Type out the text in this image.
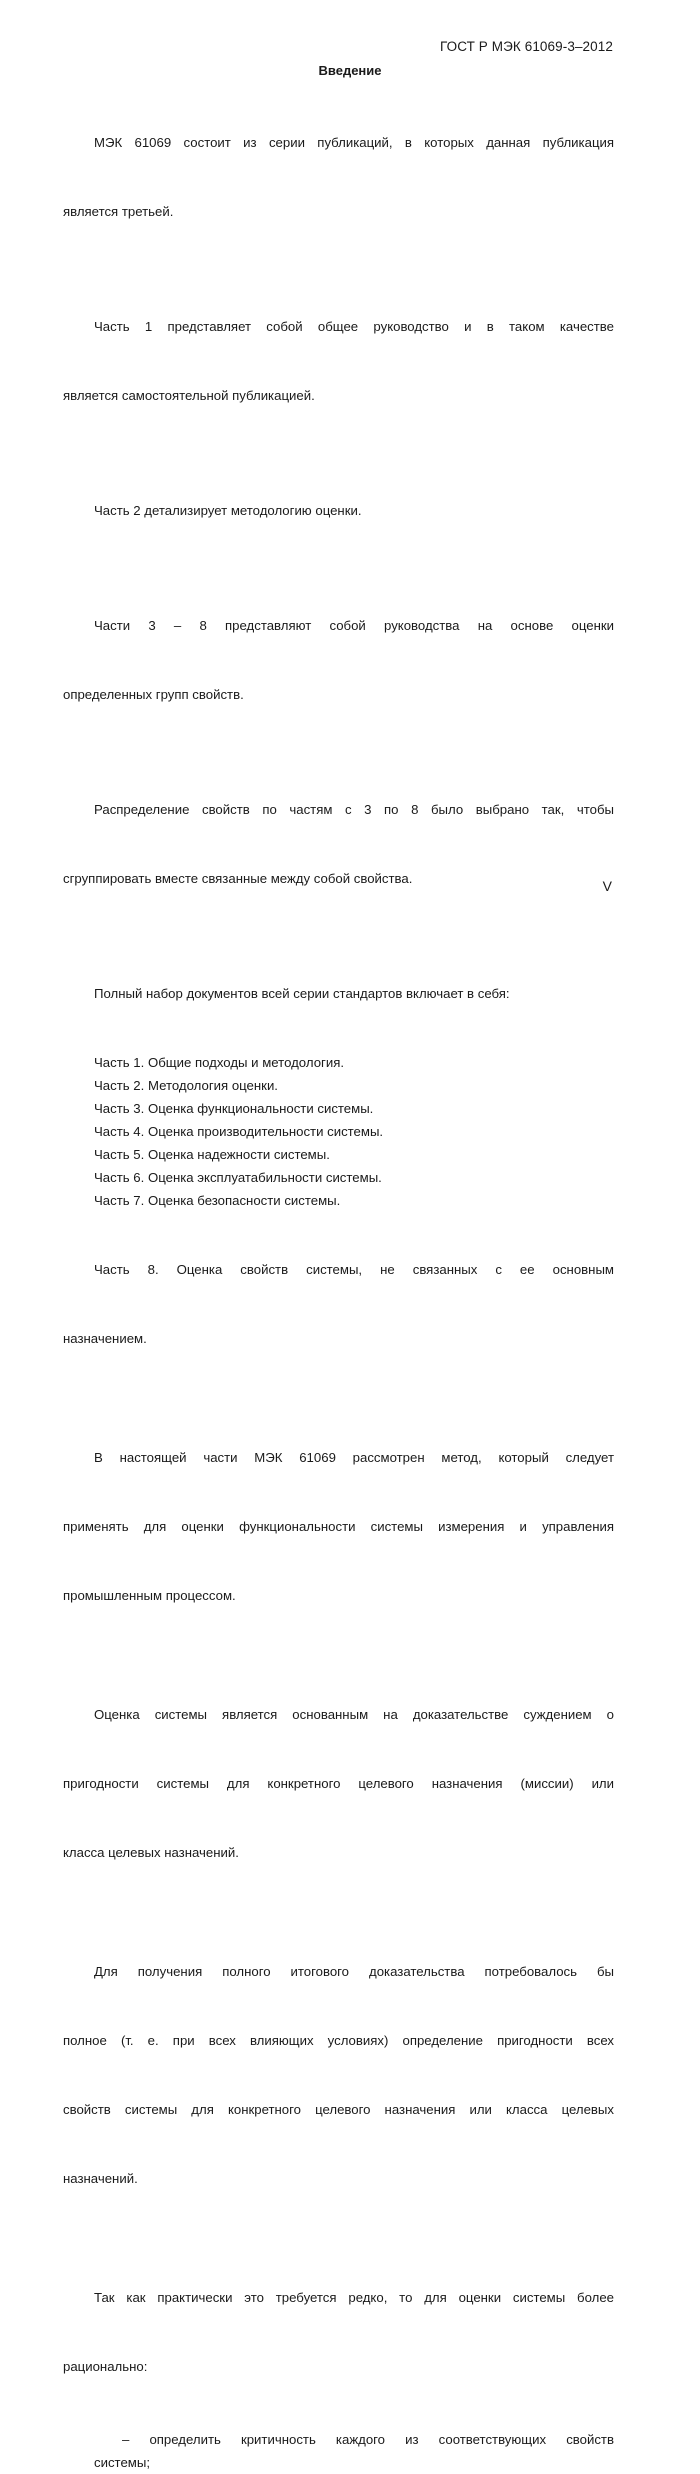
ГОСТ Р МЭК 61069-3–2012
Введение

МЭК 61069 состоит из серии публикаций, в которых данная публикация

является третьей.

Часть 1 представляет собой общее руководство и в таком качестве

является самостоятельной публикацией.

Часть 2 детализирует методологию оценки.

Части 3 – 8 представляют собой руководства на основе оценки

определенных групп свойств.

Распределение свойств по частям с 3 по 8 было выбрано так, чтобы

сгруппировать вместе связанные между собой свойства.

Полный набор документов всей серии стандартов включает в себя:

Часть 1. Общие подходы и методология.

Часть 2. Методология оценки.

Часть 3. Оценка функциональности системы.

Часть 4. Оценка производительности системы.

Часть 5. Оценка надежности системы.

Часть 6. Оценка эксплуатабильности системы.

Часть 7. Оценка безопасности системы.

Часть 8. Оценка свойств системы, не связанных с ее основным

назначением.

В настоящей части МЭК 61069 рассмотрен метод, который следует

применять для оценки функциональности системы измерения и управления

промышленным процессом.

Оценка системы является основанным на доказательстве суждением о

пригодности системы для конкретного целевого назначения (миссии) или

класса целевых назначений.

Для получения полного итогового доказательства потребовалось бы

полное (т. е. при всех влияющих условиях) определение пригодности всех

свойств системы для конкретного целевого назначения или класса целевых

назначений.

Так как практически это требуется редко, то для оценки системы более

рационально:

– определить критичность каждого из соответствующих свойств
системы;
V
